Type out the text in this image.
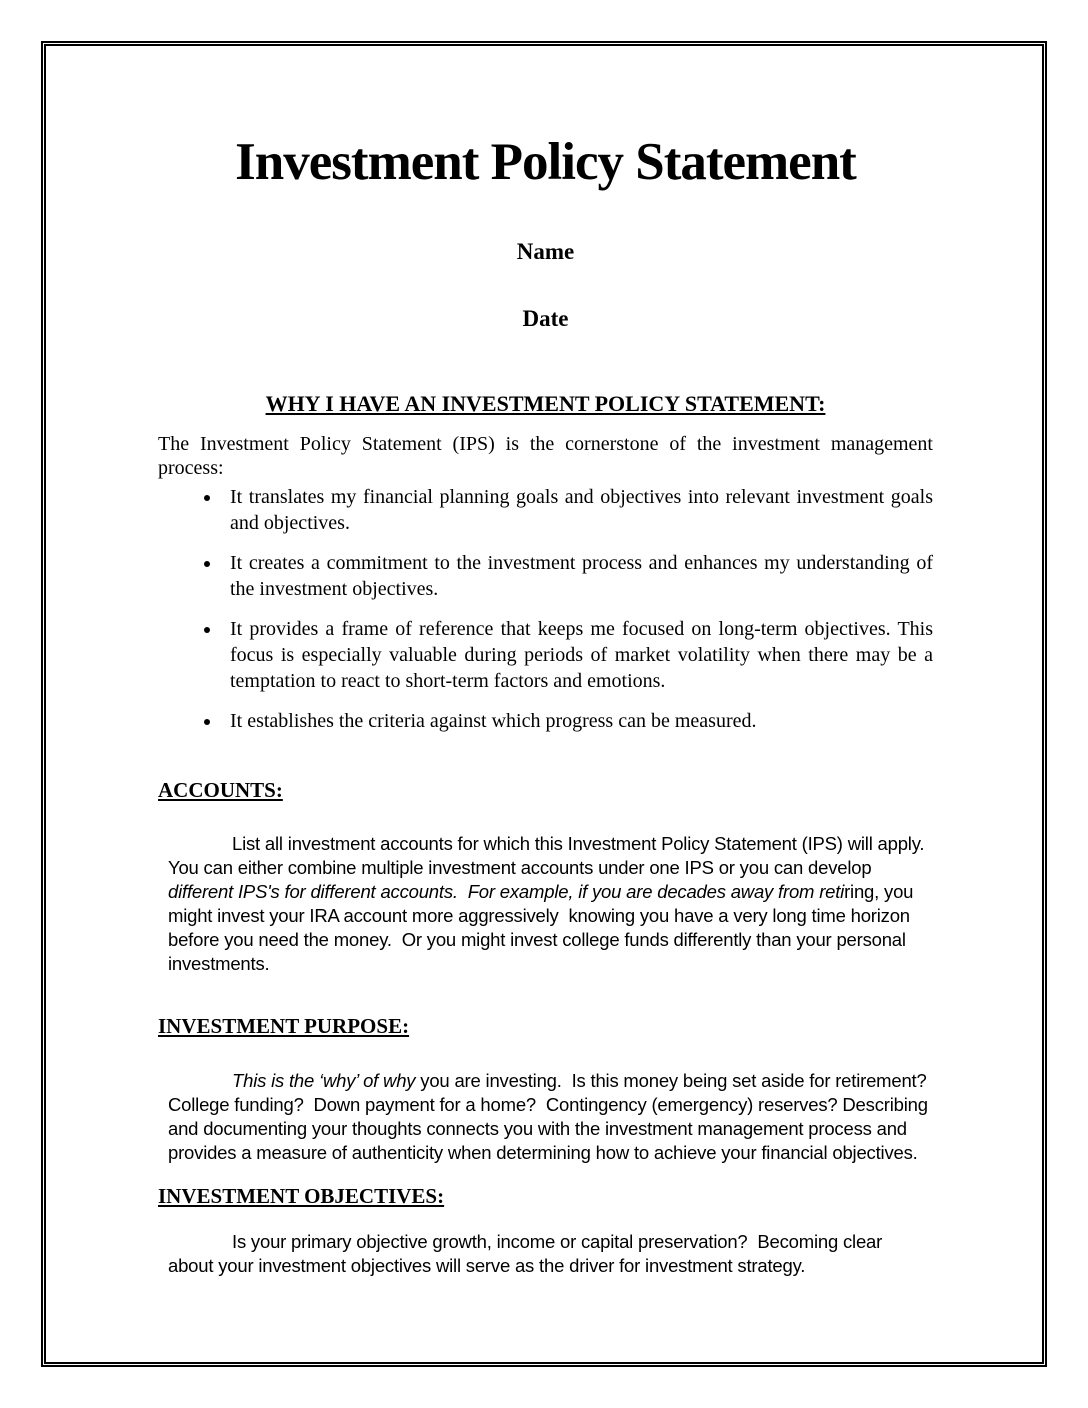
Investment Policy Statement
Name
Date
WHY I HAVE AN INVESTMENT POLICY STATEMENT:

The Investment Policy Statement (IPS) is the cornerstone of the investment management process:

• It translates my financial planning goals and objectives into relevant investment goals and objectives.
• It creates a commitment to the investment process and enhances my understanding of the investment objectives.
• It provides a frame of reference that keeps me focused on long-term objectives. This focus is especially valuable during periods of market volatility when there may be a temptation to react to short-term factors and emotions.
• It establishes the criteria against which progress can be measured.
ACCOUNTS:

List all investment accounts for which this Investment Policy Statement (IPS) will apply. You can either combine multiple investment accounts under one IPS or you can develop different IPS's for different accounts.  For example, if you are decades away from retiring, you might invest your IRA account more aggressively  knowing you have a very long time horizon before you need the money.  Or you might invest college funds differently than your personal investments.

INVESTMENT PURPOSE:

This is the ‘why’ of why you are investing.  Is this money being set aside for retirement? College funding?  Down payment for a home?  Contingency (emergency) reserves? Describing and documenting your thoughts connects you with the investment management process and provides a measure of authenticity when determining how to achieve your financial objectives.

INVESTMENT OBJECTIVES:

Is your primary objective growth, income or capital preservation?  Becoming clear about your investment objectives will serve as the driver for investment strategy.
